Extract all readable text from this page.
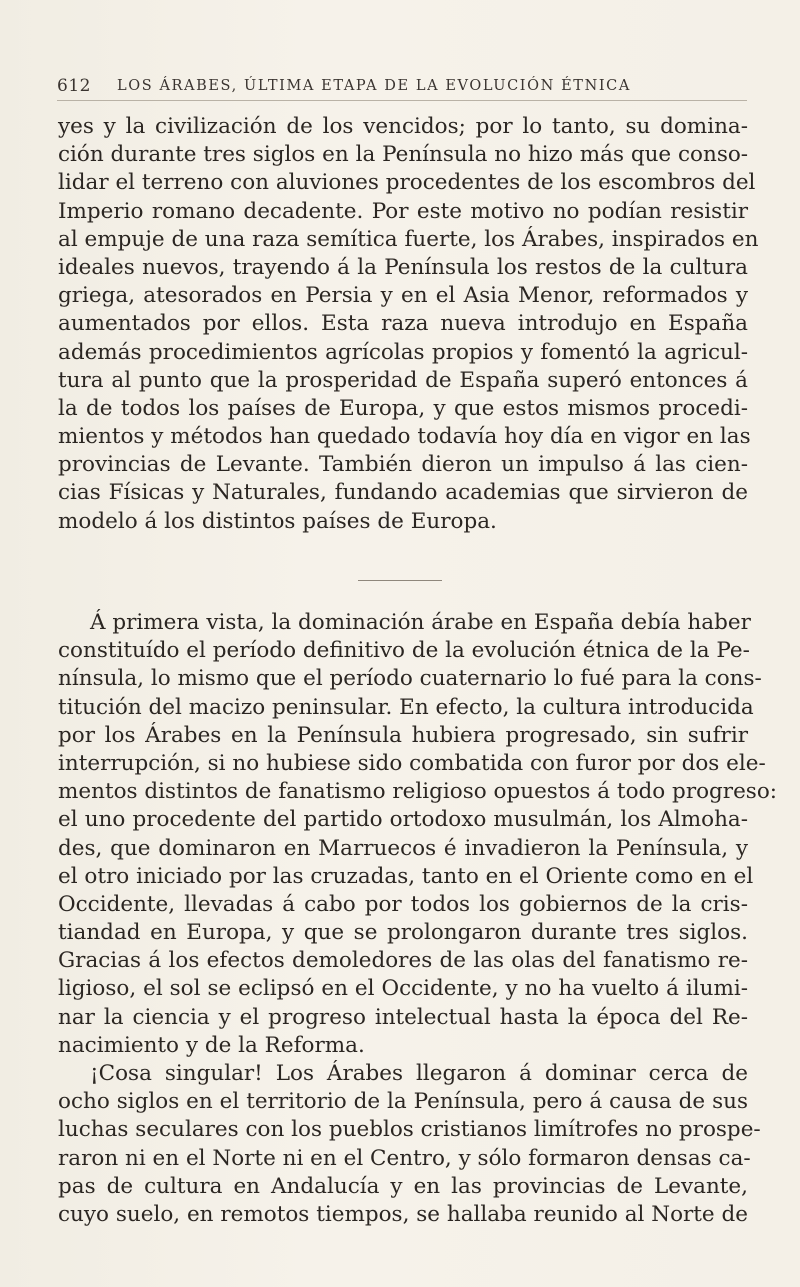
612 LOS ÁRABES, ÚLTIMA ETAPA DE LA EVOLUCIÓN ÉTNICA
yes y la civilización de los vencidos; por lo tanto, su domina-
ción durante tres siglos en la Península no hizo más que conso-
lidar el terreno con aluviones procedentes de los escombros del
Imperio romano decadente. Por este motivo no podían resistir
al empuje de una raza semítica fuerte, los Árabes, inspirados en
ideales nuevos, trayendo á la Península los restos de la cultura
griega, atesorados en Persia y en el Asia Menor, reformados y
aumentados por ellos. Esta raza nueva introdujo en España
además procedimientos agrícolas propios y fomentó la agricul-
tura al punto que la prosperidad de España superó entonces á
la de todos los países de Europa, y que estos mismos procedi-
mientos y métodos han quedado todavía hoy día en vigor en las
provincias de Levante. También dieron un impulso á las cien-
cias Físicas y Naturales, fundando academias que sirvieron de
modelo á los distintos países de Europa.
Á primera vista, la dominación árabe en España debía haber
constituído el período definitivo de la evolución étnica de la Pe-
nínsula, lo mismo que el período cuaternario lo fué para la cons-
titución del macizo peninsular. En efecto, la cultura introducida
por los Árabes en la Península hubiera progresado, sin sufrir
interrupción, si no hubiese sido combatida con furor por dos ele-
mentos distintos de fanatismo religioso opuestos á todo progreso:
el uno procedente del partido ortodoxo musulmán, los Almoha-
des, que dominaron en Marruecos é invadieron la Península, y
el otro iniciado por las cruzadas, tanto en el Oriente como en el
Occidente, llevadas á cabo por todos los gobiernos de la cris-
tiandad en Europa, y que se prolongaron durante tres siglos.
Gracias á los efectos demoledores de las olas del fanatismo re-
ligioso, el sol se eclipsó en el Occidente, y no ha vuelto á ilumi-
nar la ciencia y el progreso intelectual hasta la época del Re-
nacimiento y de la Reforma.
¡Cosa singular! Los Árabes llegaron á dominar cerca de
ocho siglos en el territorio de la Península, pero á causa de sus
luchas seculares con los pueblos cristianos limítrofes no prospe-
raron ni en el Norte ni en el Centro, y sólo formaron densas ca-
pas de cultura en Andalucía y en las provincias de Levante,
cuyo suelo, en remotos tiempos, se hallaba reunido al Norte de
